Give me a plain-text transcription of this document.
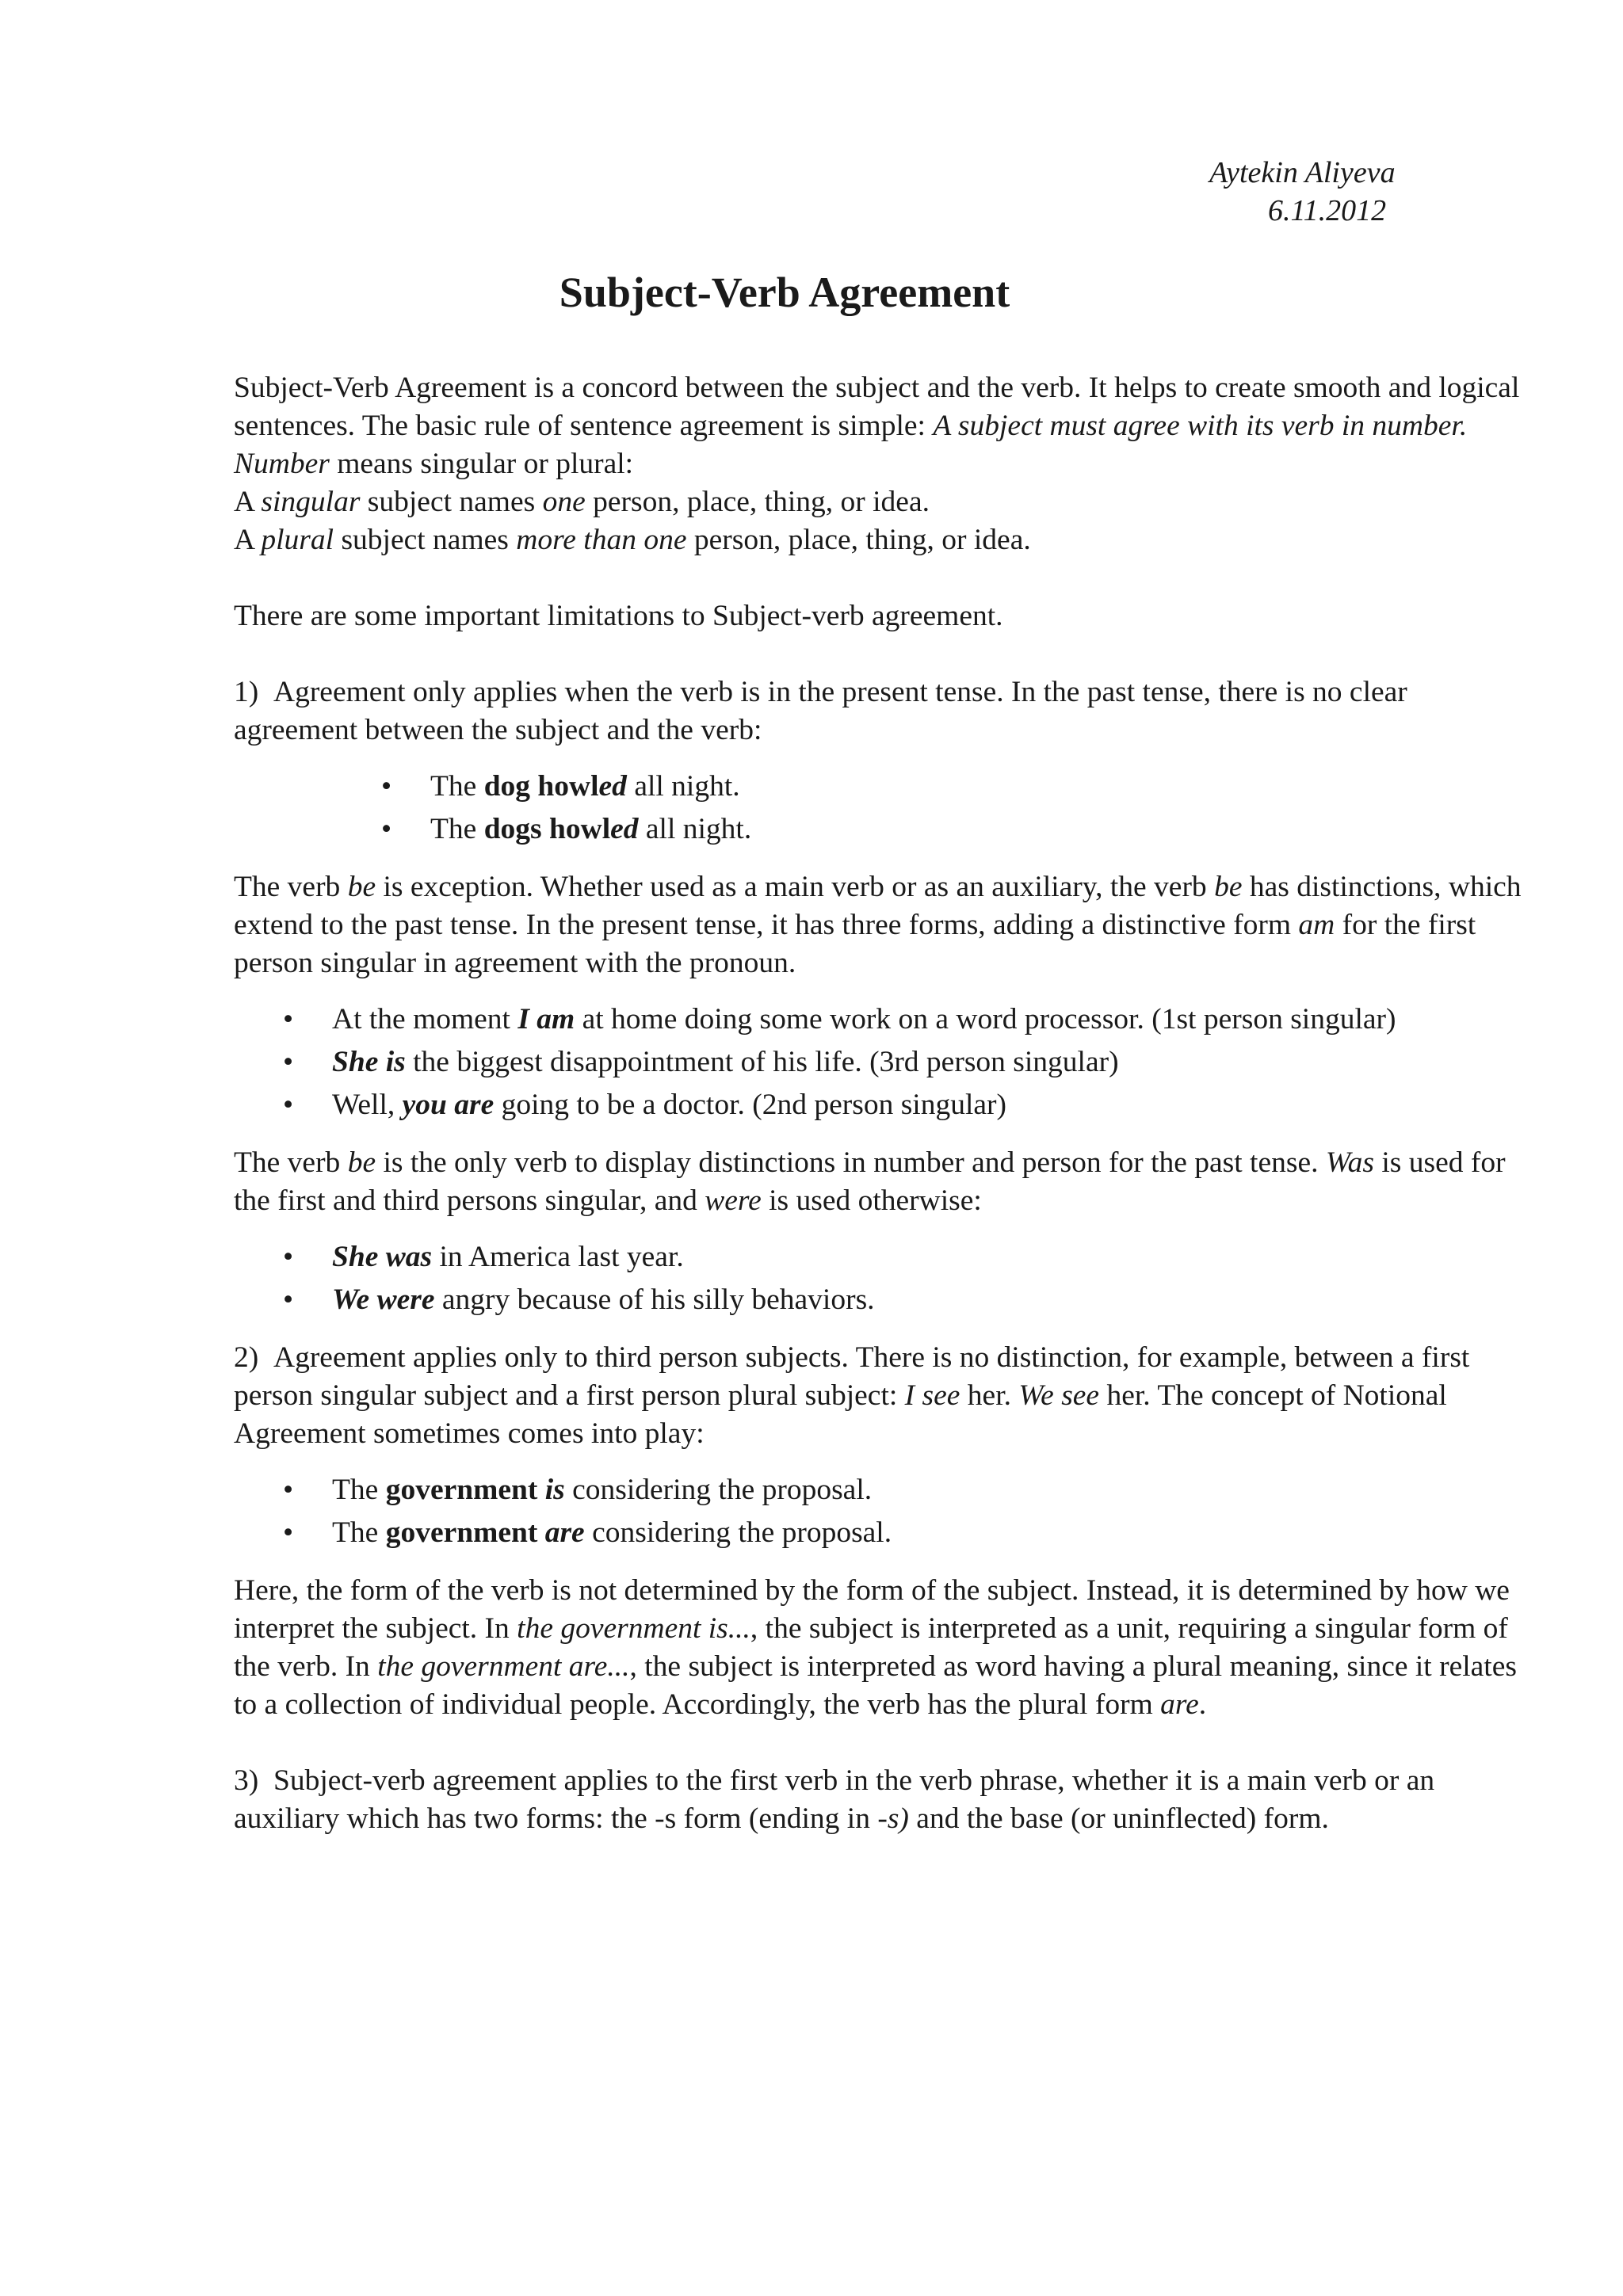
Aytekin Aliyeva
6.11.2012
Subject-Verb Agreement

Subject-Verb Agreement is a concord between the subject and the verb. It helps to create smooth and logical sentences. The basic rule of sentence agreement is simple: A subject must agree with its verb in number. Number means singular or plural:
A singular subject names one person, place, thing, or idea.
A plural subject names more than one person, place, thing, or idea.

There are some important limitations to Subject-verb agreement.

1)  Agreement only applies when the verb is in the present tense. In the past tense, there is no clear agreement between the subject and the verb:

• The dog howled all night.
• The dogs howled all night.

The verb be is exception. Whether used as a main verb or as an auxiliary, the verb be has distinctions, which extend to the past tense. In the present tense, it has three forms, adding a distinctive form am for the first person singular in agreement with the pronoun.

• At the moment I am at home doing some work on a word processor. (1st person singular)
• She is the biggest disappointment of his life. (3rd person singular)
• Well, you are going to be a doctor. (2nd person singular)

The verb be is the only verb to display distinctions in number and person for the past tense. Was is used for the first and third persons singular, and were is used otherwise:

• She was in America last year.
• We were angry because of his silly behaviors.

2)  Agreement applies only to third person subjects. There is no distinction, for example, between a first person singular subject and a first person plural subject: I see her. We see her. The concept of Notional Agreement sometimes comes into play:

• The government is considering the proposal.
• The government are considering the proposal.

Here, the form of the verb is not determined by the form of the subject. Instead, it is determined by how we interpret the subject. In the government is..., the subject is interpreted as a unit, requiring a singular form of the verb. In the government are..., the subject is interpreted as word having a plural meaning, since it relates to a collection of individual people. Accordingly, the verb has the plural form are.

3)  Subject-verb agreement applies to the first verb in the verb phrase, whether it is a main verb or an auxiliary which has two forms: the -s form (ending in -s) and the base (or uninflected) form.
